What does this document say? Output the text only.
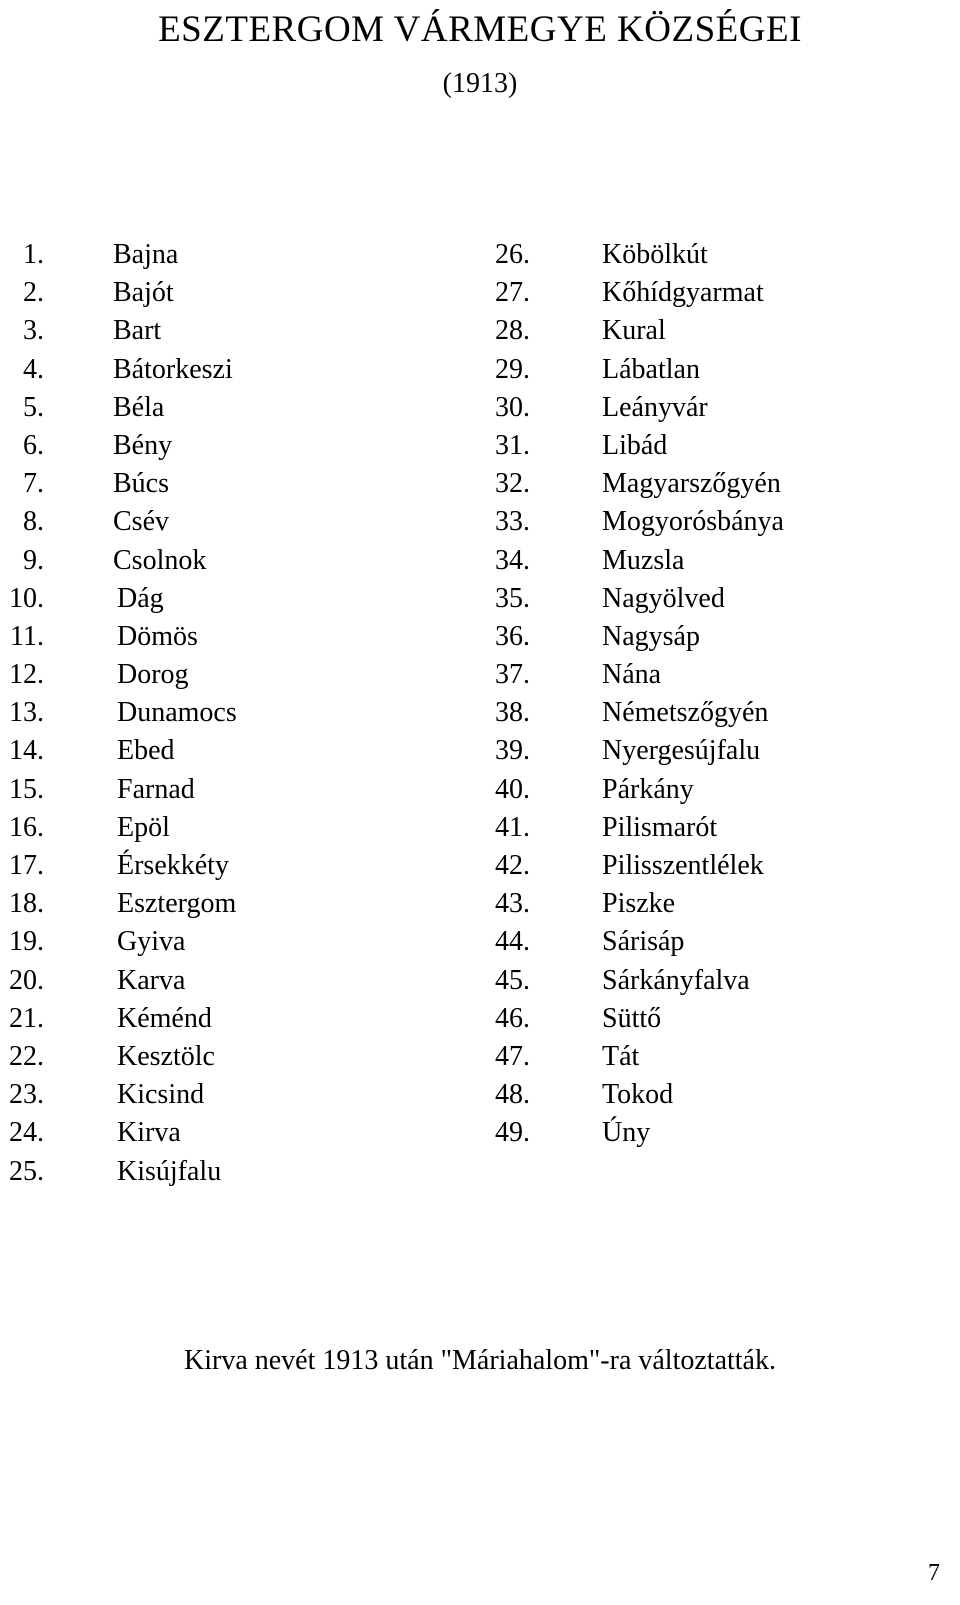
ESZTERGOM VÁRMEGYE KÖZSÉGEI
(1913)
1. Bajna
2. Bajót
3. Bart
4. Bátorkeszi
5. Béla
6. Bény
7. Búcs
8. Csév
9. Csolnok
10.	Dág
11.	Dömös
12.	Dorog
13.	Dunamocs
14.	Ebed
15.	Farnad
16.	Epöl
17.	Érsekkéty
18.	Esztergom
19.	Gyiva
20.	Karva
21.	Kéménd
22.	Kesztölc
23.	Kicsind
24.	Kirva
25.	Kisújfalu
26.	Köbölkút
27.	Kőhídgyarmat
28.	Kural
29.	Lábatlan
30.	Leányvár
31.	Libád
32.	Magyarszőgyén
33.	Mogyorósbánya
34.	Muzsla
35.	Nagyölved
36.	Nagysáp
37.	Nána
38.	Németszőgyén
39.	Nyergesújfalu
40.	Párkány
41.	Pilismarót
42.	Pilisszentlélek
43.	Piszke
44.	Sárisáp
45.	Sárkányfalva
46.	Süttő
47.	Tát
48.	Tokod
49.	Úny
Kirva nevét 1913 után "Máriahalom"-ra változtatták.
7
